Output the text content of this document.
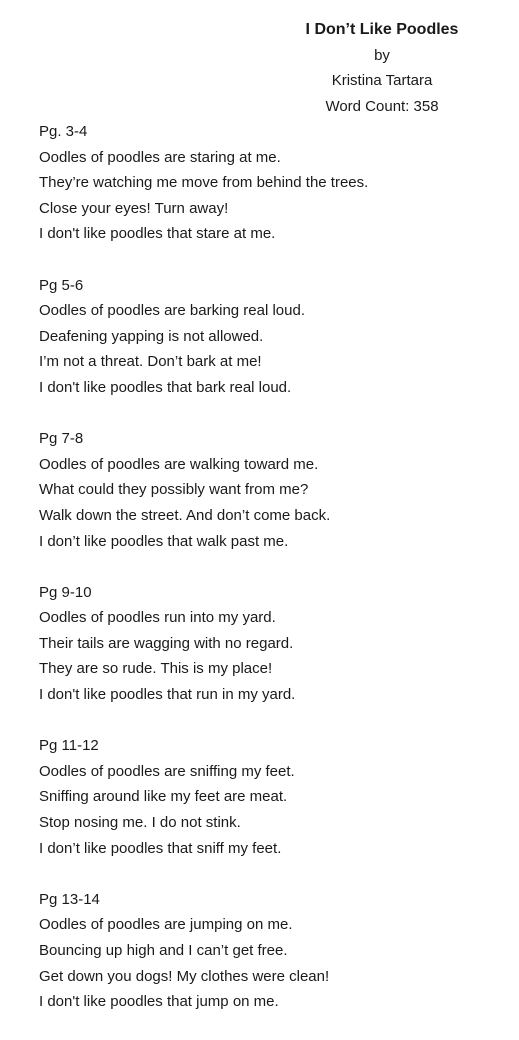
I Don’t Like Poodles
by
Kristina Tartara
Word Count: 358
Pg. 3-4
Oodles of poodles are staring at me.
They’re watching me move from behind the trees.
Close your eyes! Turn away!
I don't like poodles that stare at me.
Pg 5-6
Oodles of poodles are barking real loud.
Deafening yapping is not allowed.
I’m not a threat. Don’t bark at me!
I don't like poodles that bark real loud.
Pg 7-8
Oodles of poodles are walking toward me.
What could they possibly want from me?
Walk down the street. And don’t come back.
I don’t like poodles that walk past me.
Pg 9-10
Oodles of poodles run into my yard.
Their tails are wagging with no regard.
They are so rude. This is my place!
I don't like poodles that run in my yard.
Pg 11-12
Oodles of poodles are sniffing my feet.
Sniffing around like my feet are meat.
Stop nosing me. I do not stink.
I don’t like poodles that sniff my feet.
Pg 13-14
Oodles of poodles are jumping on me.
Bouncing up high and I can’t get free.
Get down you dogs! My clothes were clean!
I don't like poodles that jump on me.
